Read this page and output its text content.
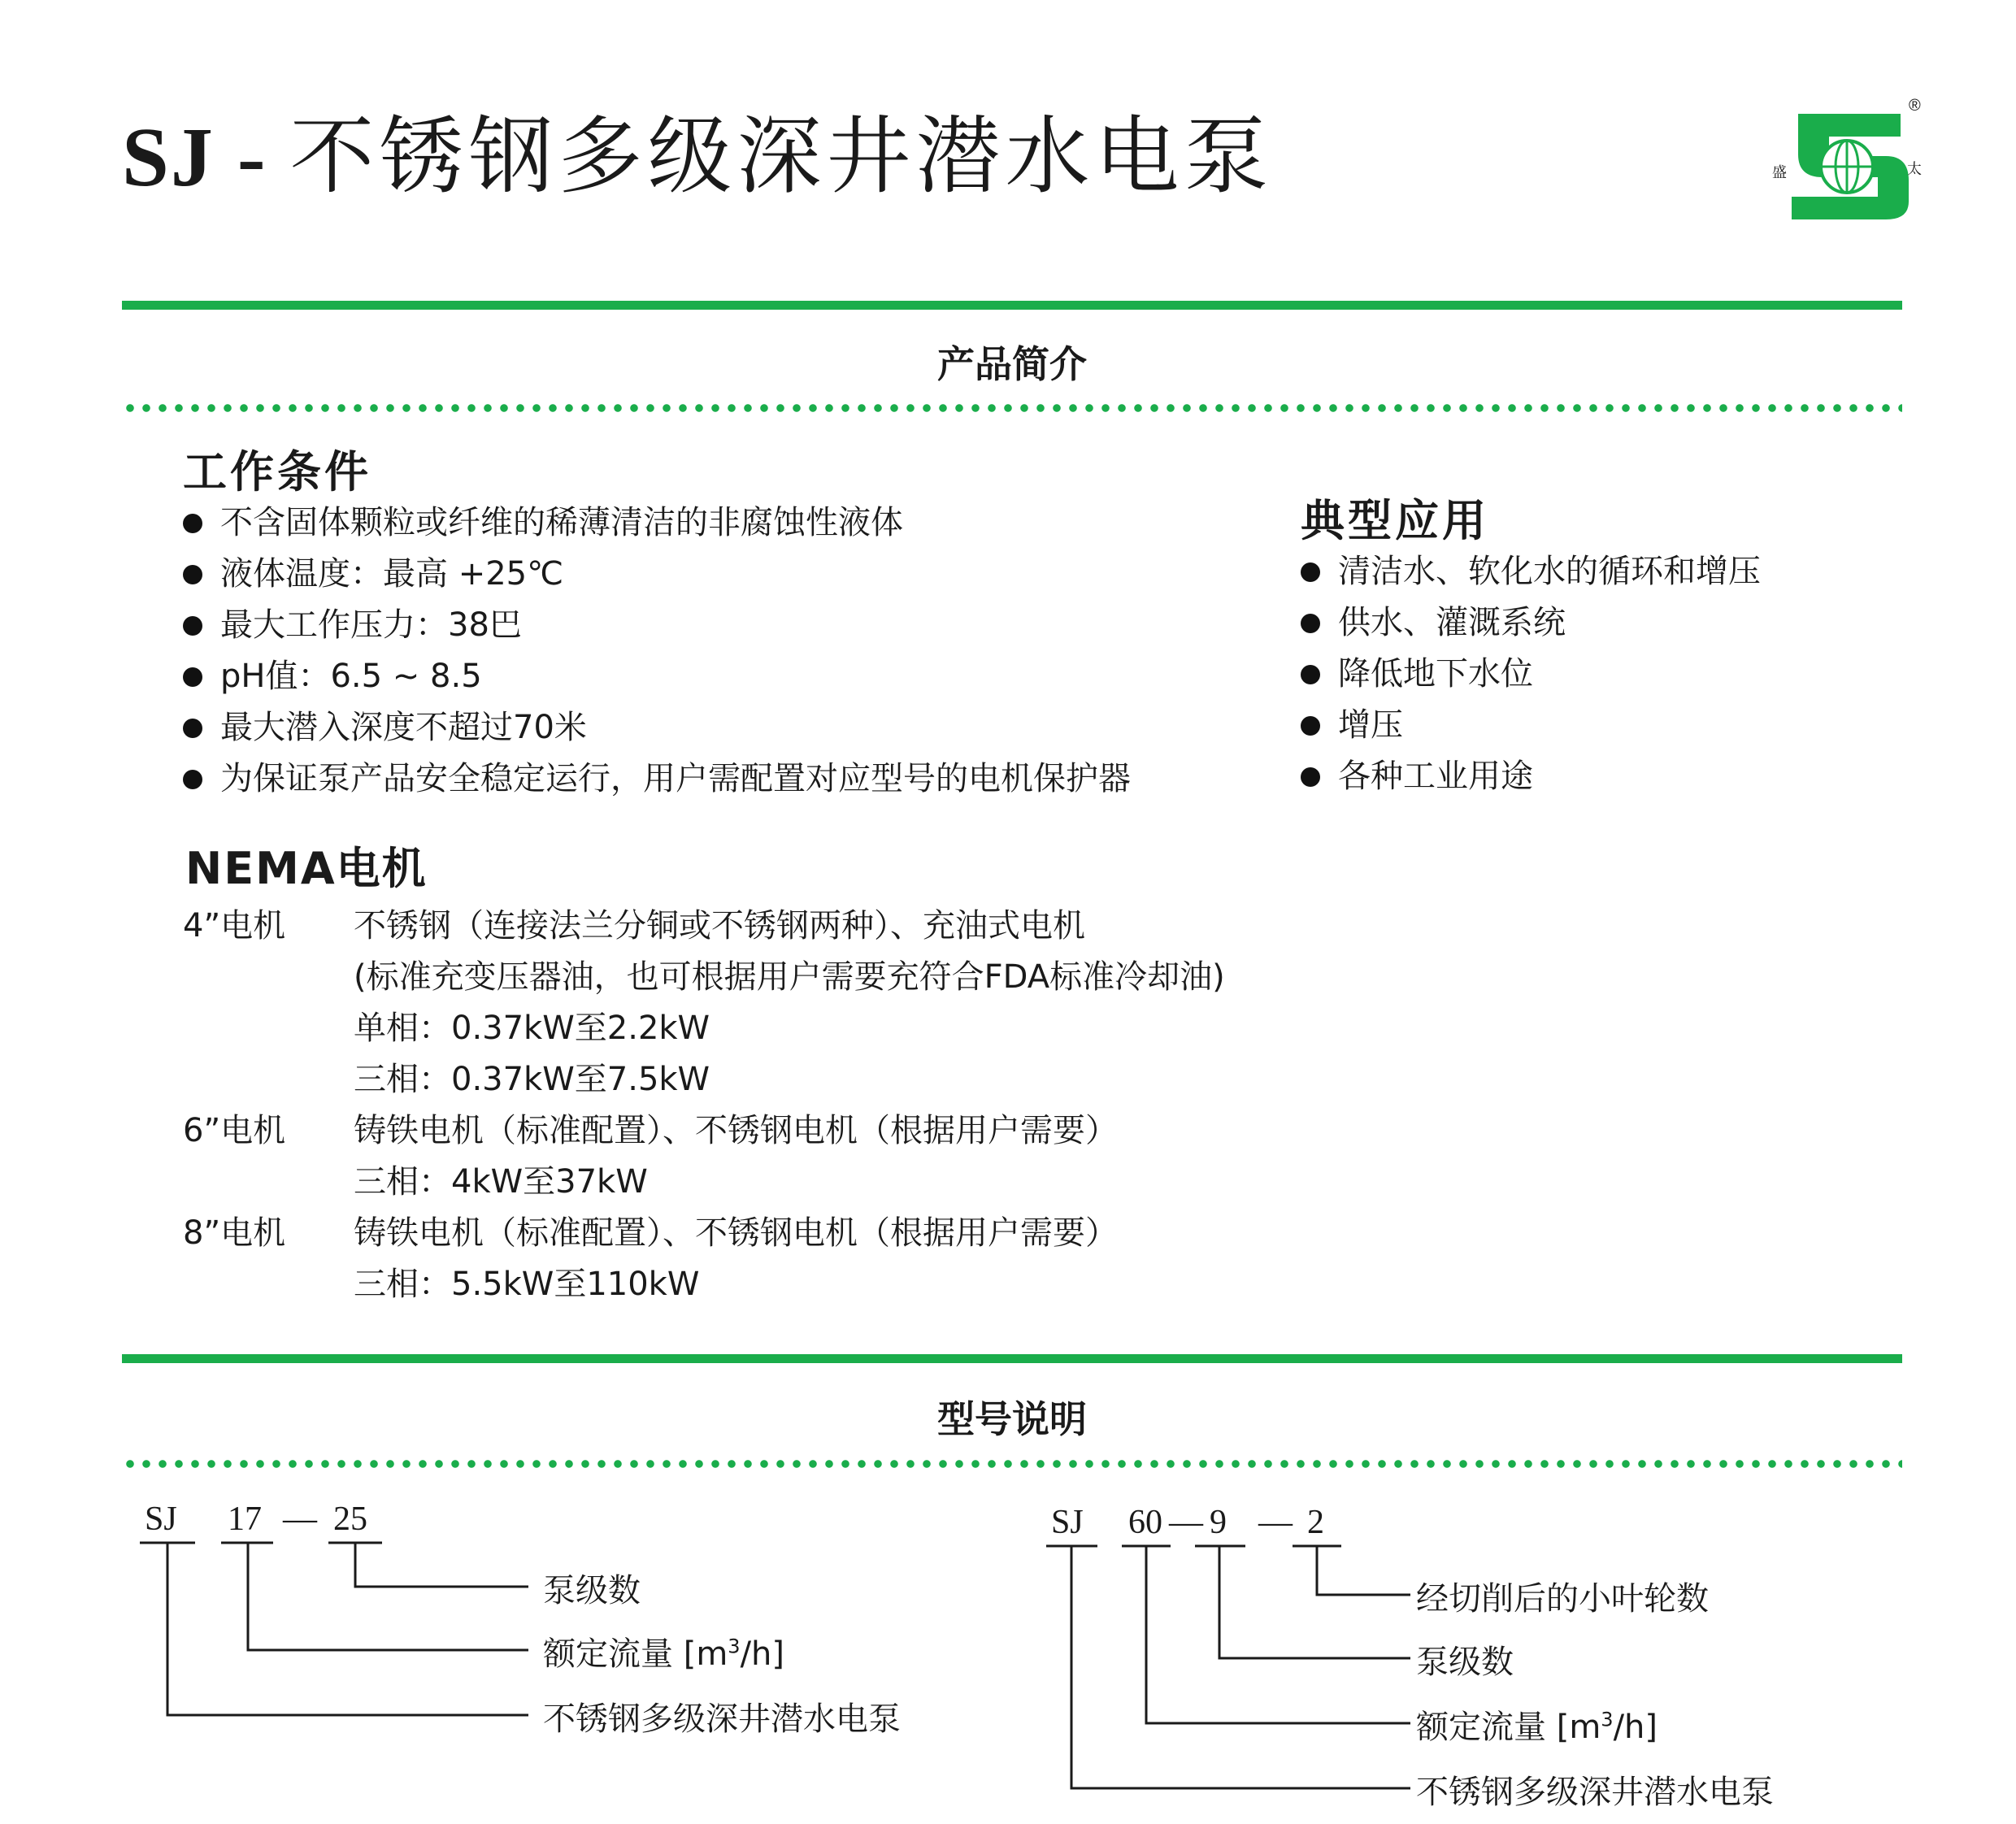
SJ - 不锈钢多级深井潜水电泵
®
盛	太
产品简介
工作条件
不含固体颗粒或纤维的稀薄清洁的非腐蚀性液体
液体温度：最高 +25℃
最大工作压力：38巴
pH值：6.5 ~ 8.5
最大潜入深度不超过70米
为保证泵产品安全稳定运行，用户需配置对应型号的电机保护器
典型应用
清洁水、软化水的循环和增压
供水、灌溉系统
降低地下水位
增压
各种工业用途
NEMA电机
4”电机 不锈钢（连接法兰分铜或不锈钢两种）、充油式电机
(标准充变压器油，也可根据用户需要充符合FDA标准冷却油)
单相：0.37kW至2.2kW
三相：0.37kW至7.5kW
6”电机 铸铁电机（标准配置）、不锈钢电机（根据用户需要）
三相：4kW至37kW
8”电机 铸铁电机（标准配置）、不锈钢电机（根据用户需要）
三相：5.5kW至110kW
型号说明
SJ 17 — 25
泵级数
额定流量 $[m^3/h]$
不锈钢多级深井潜水电泵
SJ 60 — 9 — 2
经切削后的小叶轮数
泵级数
额定流量 $[m^3/h]$
不锈钢多级深井潜水电泵
